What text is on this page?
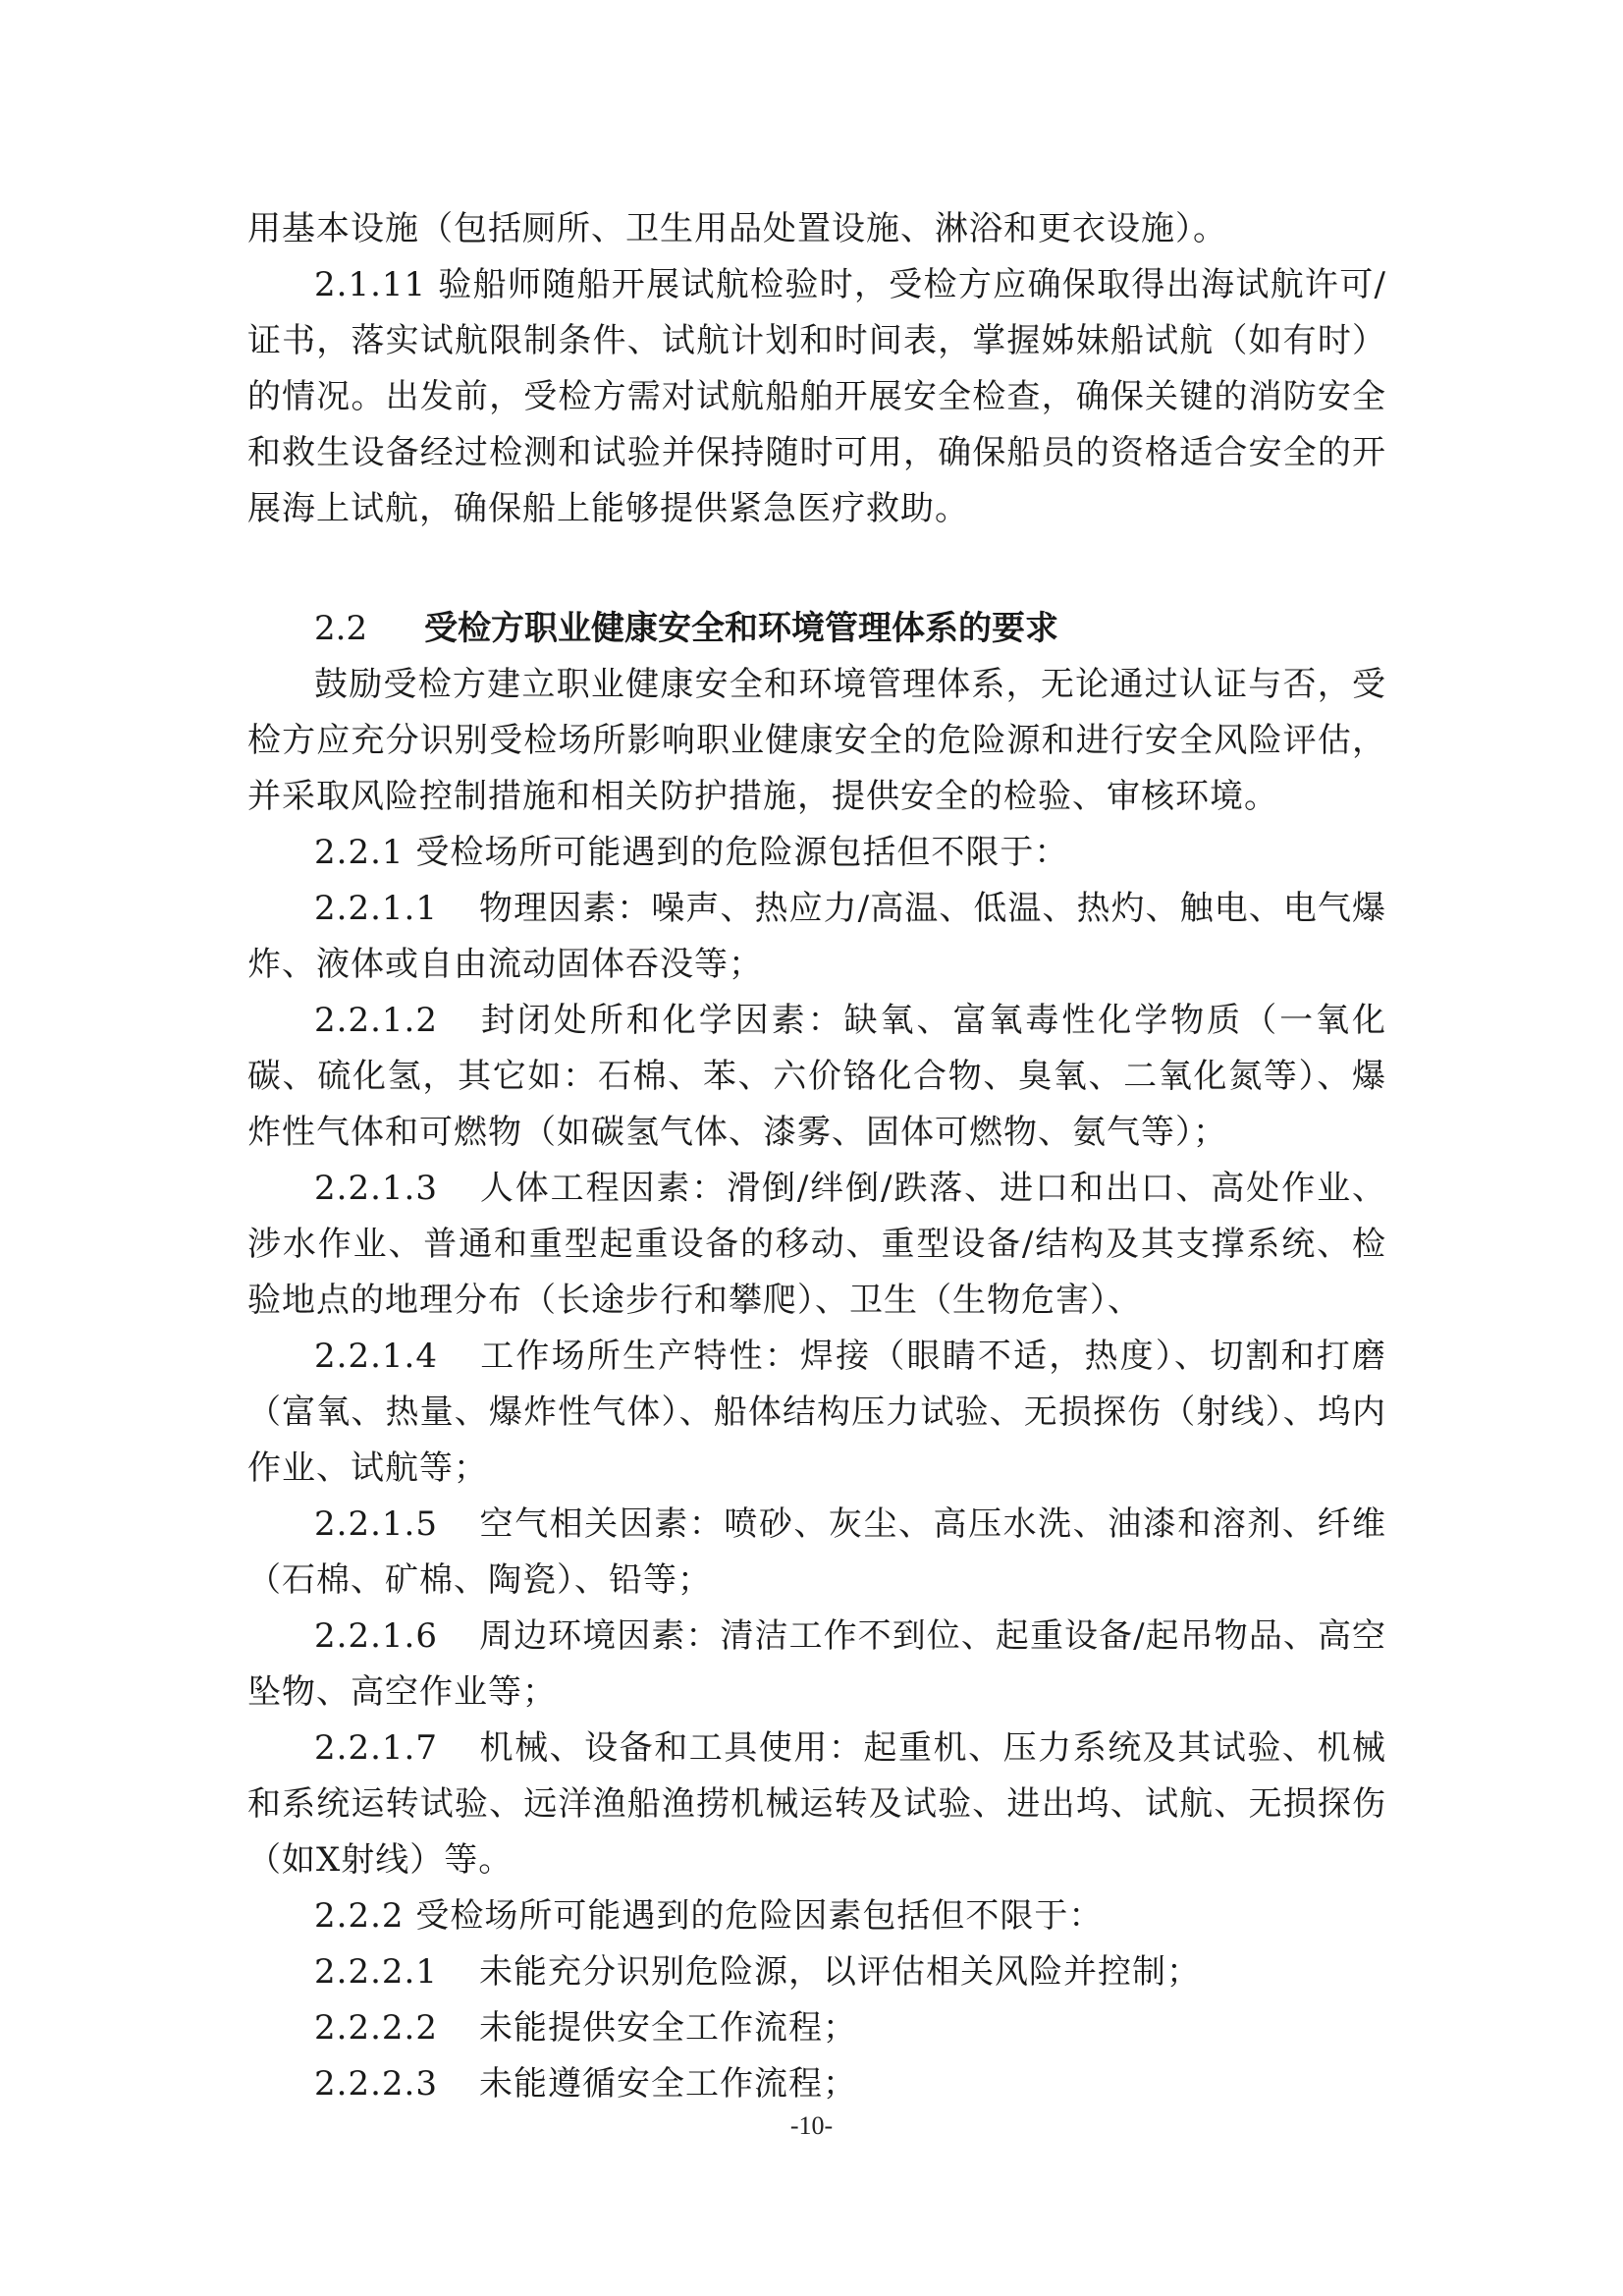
用基本设施（包括厕所、卫生用品处置设施、淋浴和更衣设施）。

2.1.11 验船师随船开展试航检验时，受检方应确保取得出海试航许可/证书，落实试航限制条件、试航计划和时间表，掌握姊妹船试航（如有时）的情况。出发前，受检方需对试航船舶开展安全检查，确保关键的消防安全和救生设备经过检测和试验并保持随时可用，确保船员的资格适合安全的开展海上试航，确保船上能够提供紧急医疗救助。

2.2 受检方职业健康安全和环境管理体系的要求

鼓励受检方建立职业健康安全和环境管理体系，无论通过认证与否，受检方应充分识别受检场所影响职业健康安全的危险源和进行安全风险评估，并采取风险控制措施和相关防护措施，提供安全的检验、审核环境。

2.2.1 受检场所可能遇到的危险源包括但不限于：

2.2.1.1 物理因素：噪声、热应力/高温、低温、热灼、触电、电气爆炸、液体或自由流动固体吞没等；

2.2.1.2 封闭处所和化学因素：缺氧、富氧毒性化学物质（一氧化碳、硫化氢，其它如：石棉、苯、六价铬化合物、臭氧、二氧化氮等）、爆炸性气体和可燃物（如碳氢气体、漆雾、固体可燃物、氨气等）；

2.2.1.3 人体工程因素：滑倒/绊倒/跌落、进口和出口、高处作业、涉水作业、普通和重型起重设备的移动、重型设备/结构及其支撑系统、检验地点的地理分布（长途步行和攀爬）、卫生（生物危害）、

2.2.1.4 工作场所生产特性：焊接（眼睛不适，热度）、切割和打磨（富氧、热量、爆炸性气体）、船体结构压力试验、无损探伤（射线）、坞内作业、试航等；

2.2.1.5 空气相关因素：喷砂、灰尘、高压水洗、油漆和溶剂、纤维（石棉、矿棉、陶瓷）、铅等；

2.2.1.6 周边环境因素：清洁工作不到位、起重设备/起吊物品、高空坠物、高空作业等；

2.2.1.7 机械、设备和工具使用：起重机、压力系统及其试验、机械和系统运转试验、远洋渔船渔捞机械运转及试验、进出坞、试航、无损探伤（如X射线）等。

2.2.2 受检场所可能遇到的危险因素包括但不限于：

2.2.2.1 未能充分识别危险源，以评估相关风险并控制；

2.2.2.2 未能提供安全工作流程；

2.2.2.3 未能遵循安全工作流程；

-10-
